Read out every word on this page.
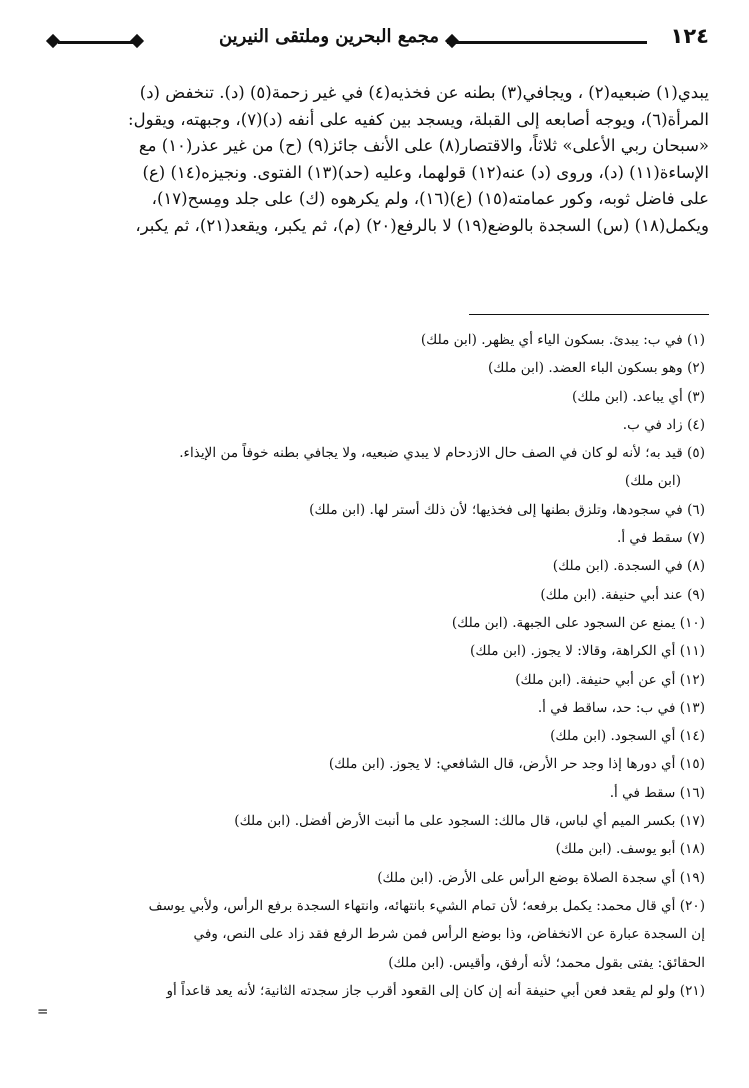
١٢٤
مجمع البحرين وملتقى النيرين
يبدي(١) ضبعيه(٢) ، ويجافي(٣) بطنه عن فخذيه(٤) في غير زحمة(٥) (د). تنخفض (د)
المرأة(٦)، ويوجه أصابعه إلى القبلة، ويسجد بين كفيه على أنفه (د)(٧)، وجبهته، ويقول:
«سبحان ربي الأعلى» ثلاثاً، والاقتصار(٨) على الأنف جائز(٩) (ح) من غير عذر(١٠) مع
الإساءة(١١) (د)، وروى (د) عنه(١٢) قولهما، وعليه (حد)(١٣) الفتوى. ونجيزه(١٤) (ع)
على فاضل ثوبه، وكور عمامته(١٥) (ع)(١٦)، ولم يكرهوه (ك) على جلد ومِسح(١٧)،
ويكمل(١٨) (س) السجدة بالوضع(١٩) لا بالرفع(٢٠) (م)، ثم يكبر، ويقعد(٢١)، ثم يكبر،
(١) في ب: يبدئ. بسكون الياء أي يظهر. (ابن ملك)
(٢) وهو بسكون الباء العضد. (ابن ملك)
(٣) أي يباعد. (ابن ملك)
(٤) زاد في ب.
(٥) قيد به؛ لأنه لو كان في الصف حال الازدحام لا يبدي ضبعيه، ولا يجافي بطنه خوفاً من الإيذاء.
(ابن ملك)
(٦) في سجودها، وتلزق بطنها إلى فخذيها؛ لأن ذلك أستر لها. (ابن ملك)
(٧) سقط في أ.
(٨) في السجدة. (ابن ملك)
(٩) عند أبي حنيفة. (ابن ملك)
(١٠) يمنع عن السجود على الجبهة. (ابن ملك)
(١١) أي الكراهة، وقالا: لا يجوز. (ابن ملك)
(١٢) أي عن أبي حنيفة. (ابن ملك)
(١٣) في ب: حد، ساقط في أ.
(١٤) أي السجود. (ابن ملك)
(١٥) أي دورها إذا وجد حر الأرض، قال الشافعي: لا يجوز. (ابن ملك)
(١٦) سقط في أ.
(١٧) بكسر الميم أي لباس، قال مالك: السجود على ما أنبت الأرض أفضل. (ابن ملك)
(١٨) أبو يوسف. (ابن ملك)
(١٩) أي سجدة الصلاة بوضع الرأس على الأرض. (ابن ملك)
(٢٠) أي قال محمد: يكمل برفعه؛ لأن تمام الشيء بانتهائه، وانتهاء السجدة برفع الرأس، ولأبي يوسف
إن السجدة عبارة عن الانخفاض، وذا بوضع الرأس فمن شرط الرفع فقد زاد على النص، وفي
الحقائق: يفتى بقول محمد؛ لأنه أرفق، وأقيس. (ابن ملك)
(٢١) ولو لم يقعد فعن أبي حنيفة أنه إن كان إلى القعود أقرب جاز سجدته الثانية؛ لأنه يعد قاعداً أو
=
